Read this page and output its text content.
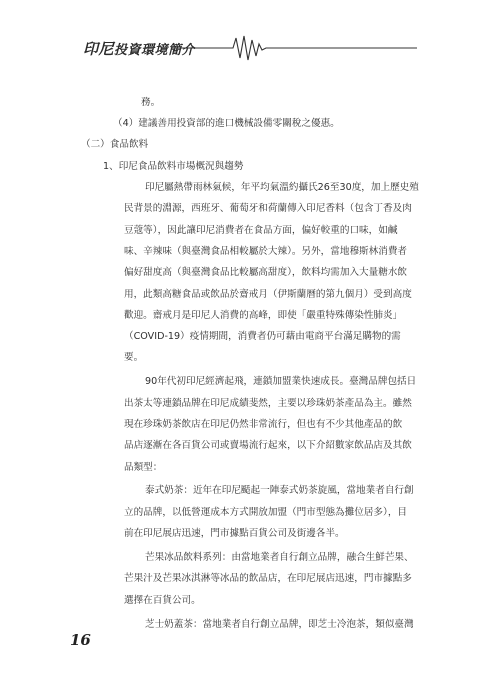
印尼投資環境簡介
務。
（4）建議善用投資部的進口機械設備零關稅之優惠。
（二）食品飲料
1、印尼食品飲料市場概況與趨勢
印尼屬熱帶雨林氣候，年平均氣溫約攝氏26至30度，加上歷史殖
民背景的淵源，西班牙、葡萄牙和荷蘭傳入印尼香料（包含丁香及肉
豆蔻等），因此讓印尼消費者在食品方面，偏好較重的口味，如鹹
味、辛辣味（與臺灣食品相較屬於大辣）。另外，當地穆斯林消費者
偏好甜度高（與臺灣食品比較屬高甜度），飲料均需加入大量糖水飲
用，此類高糖食品或飲品於齋戒月（伊斯蘭曆的第九個月）受到高度
歡迎。齋戒月是印尼人消費的高峰，即使「嚴重特殊傳染性肺炎」
（COVID-19）疫情期間，消費者仍可藉由電商平台滿足購物的需
要。
90年代初印尼經濟起飛，連鎖加盟業快速成長。臺灣品牌包括日
出茶太等連鎖品牌在印尼成績斐然，主要以珍珠奶茶產品為主。雖然
現在珍珠奶茶飲店在印尼仍然非常流行，但也有不少其他產品的飲
品店逐漸在各百貨公司或賣場流行起來，以下介紹數家飲品店及其飲
品類型：
泰式奶茶：近年在印尼颳起一陣泰式奶茶旋風，當地業者自行創
立的品牌，以低營運成本方式開放加盟（門市型態為攤位居多），目
前在印尼展店迅速，門市據點百貨公司及街邊各半。
芒果冰品飲料系列：由當地業者自行創立品牌，融合生鮮芒果、
芒果汁及芒果冰淇淋等冰品的飲品店，在印尼展店迅速，門市據點多
選擇在百貨公司。
芝士奶蓋茶：當地業者自行創立品牌，即芝士冷泡茶，類似臺灣
16
